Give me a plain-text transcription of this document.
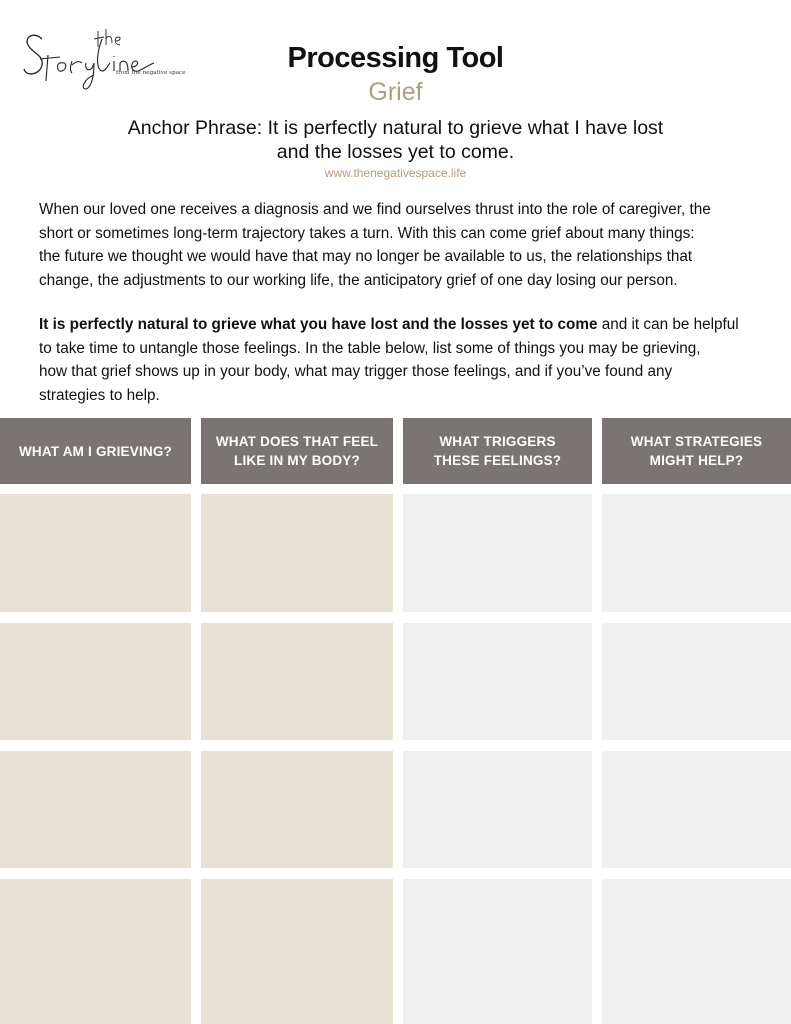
from the negative space	Processing Tool
Grief
Anchor Phrase: It is perfectly natural to grieve what I have lost
and the losses yet to come.
www.thenegativespace.life
When our loved one receives a diagnosis and we find ourselves thrust into the role of caregiver, the
short or sometimes long-term trajectory takes a turn. With this can come grief about many things:
the future we thought we would have that may no longer be available to us, the relationships that
change, the adjustments to our working life, the anticipatory grief of one day losing our person.
It is perfectly natural to grieve what you have lost and the losses yet to come and it can be helpful
to take time to untangle those feelings. In the table below, list some of things you may be grieving,
how that grief shows up in your body, what may trigger those feelings, and if you’ve found any
strategies to help.
WHAT AM I GRIEVING?
WHAT DOES THAT FEEL
LIKE IN MY BODY?
WHAT TRIGGERS
THESE FEELINGS?
WHAT STRATEGIES
MIGHT HELP?
